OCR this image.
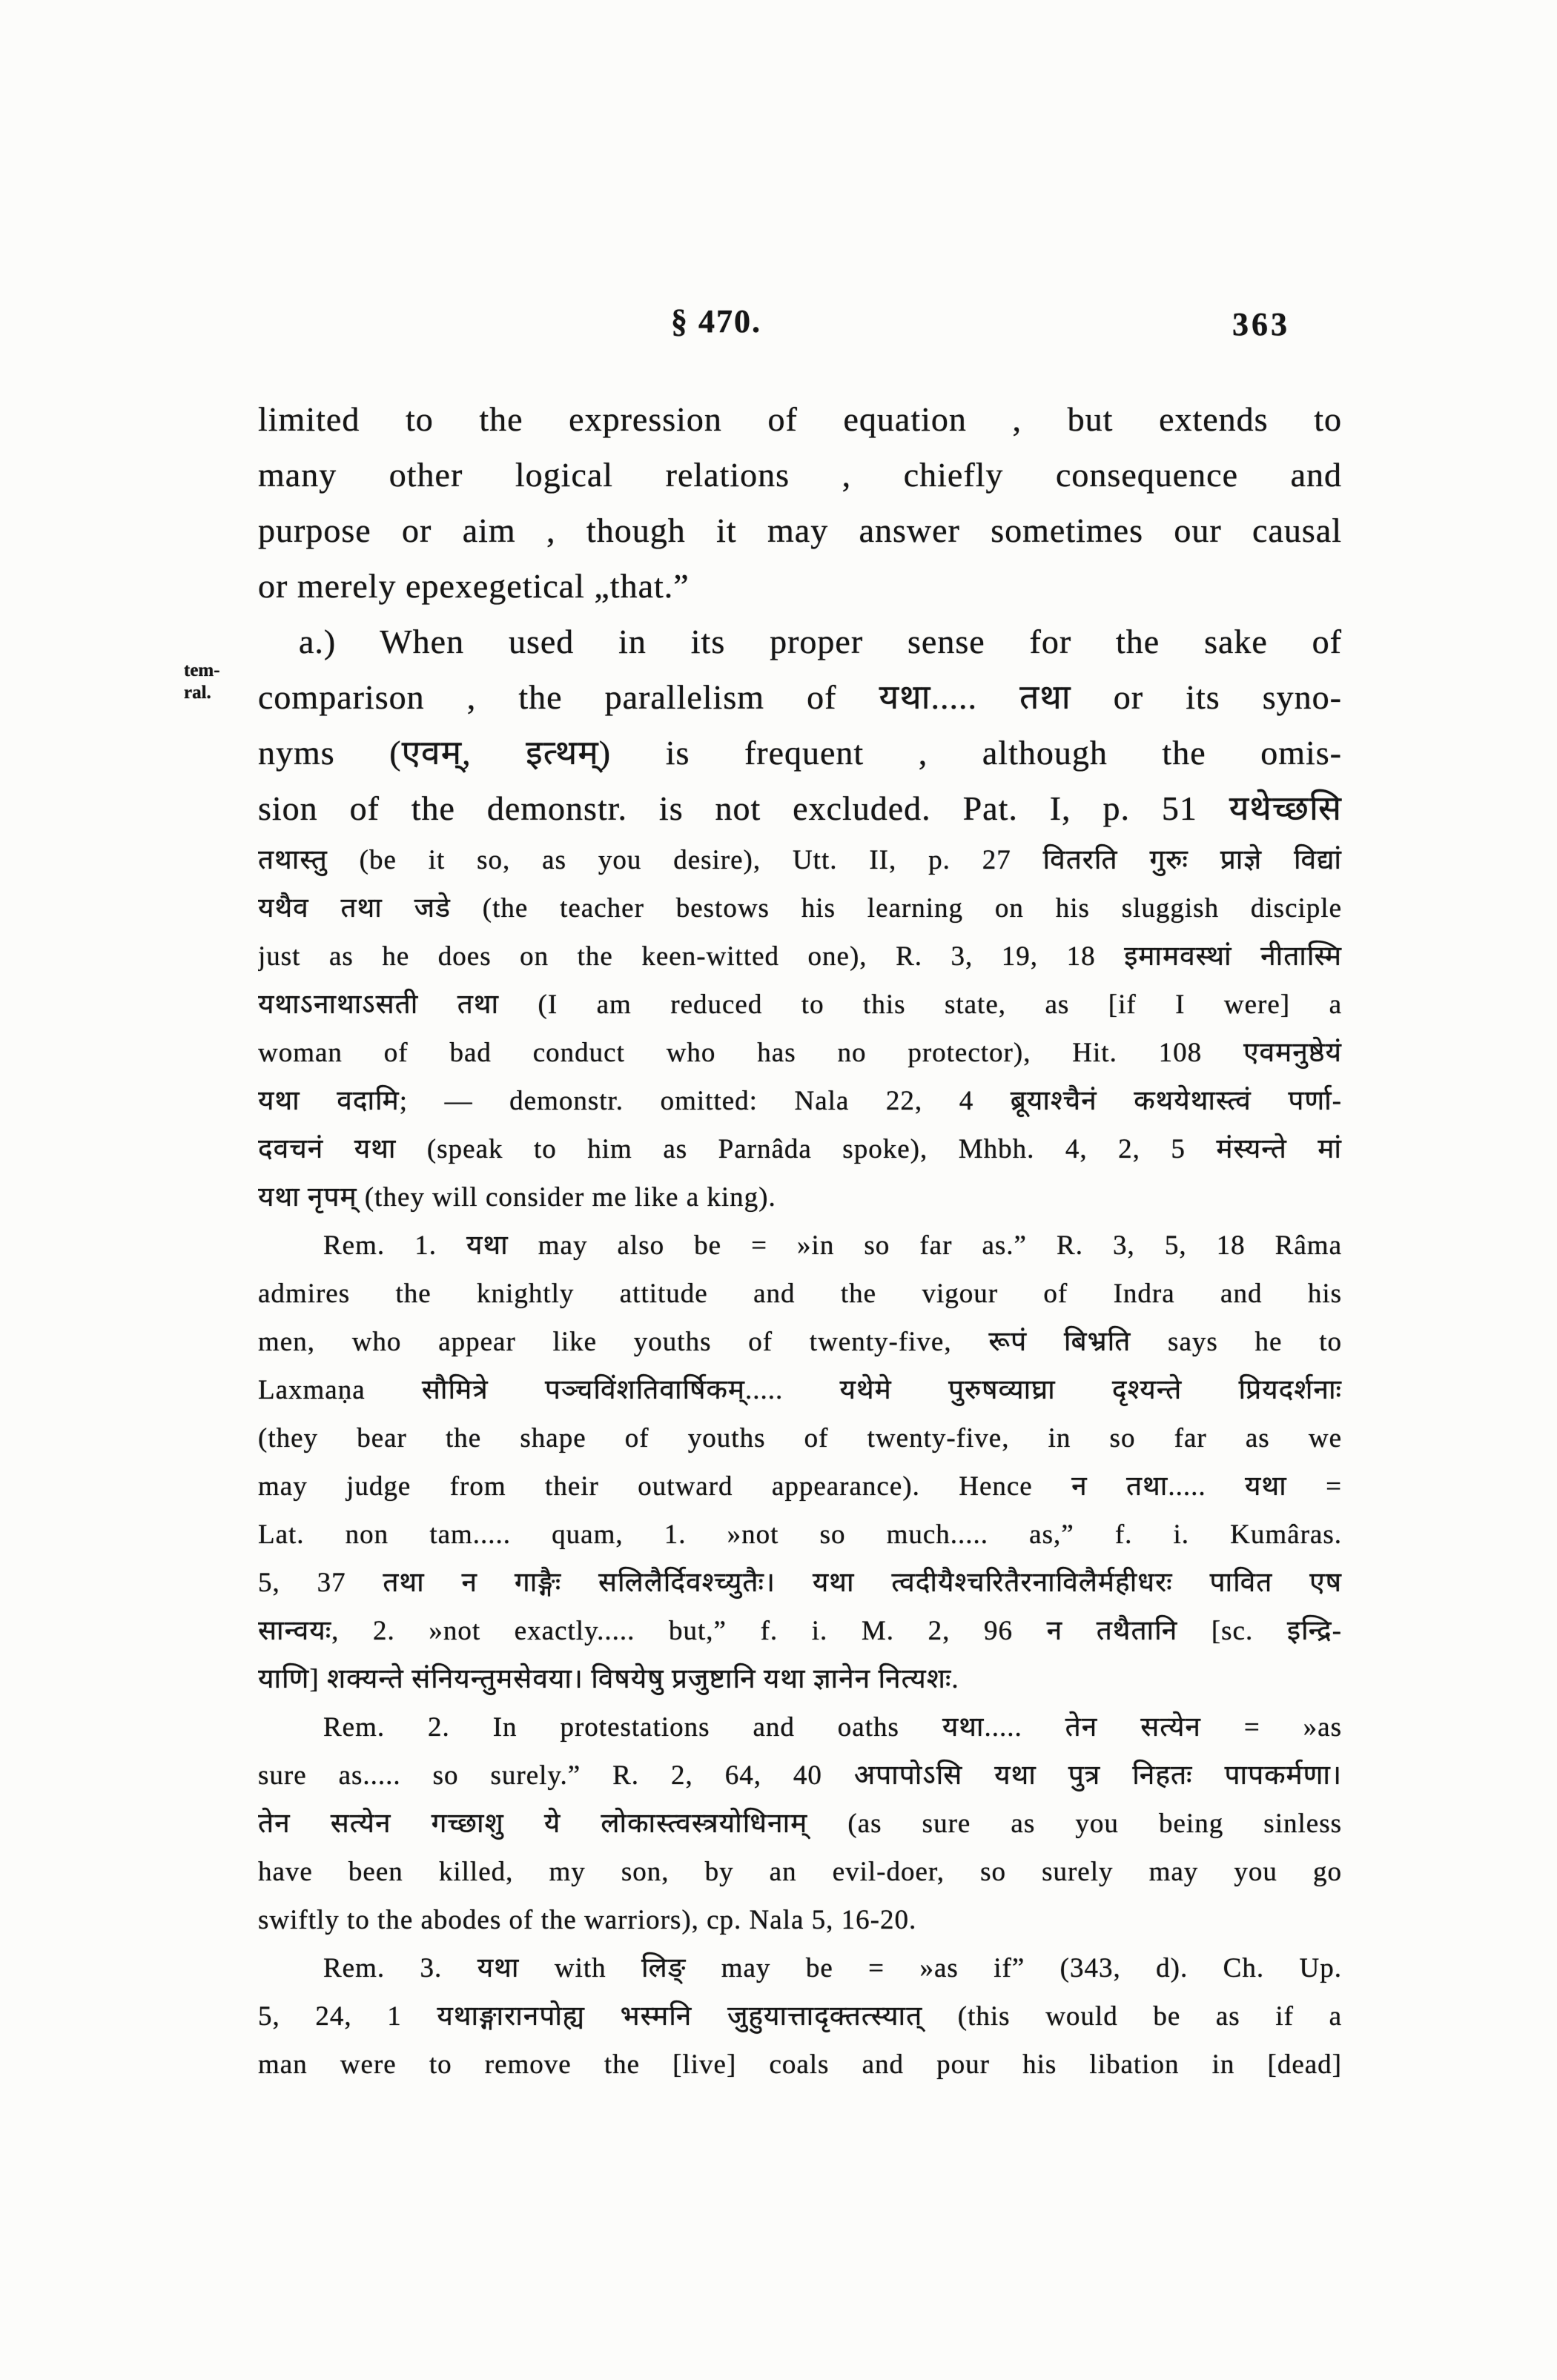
§ 470.	363
tem-
ral.
limited to the expression of equation , but extends to
many other logical relations , chiefly consequence and
purpose or aim , though it may answer sometimes our causal
or merely epexegetical „that.”
a.) When used in its proper sense for the sake of
comparison , the parallelism of यथा..... तथा or its syno-
nyms (एवम्, इत्थम्) is frequent , although the omis-
sion of the demonstr. is not excluded. Pat. I, p. 51 यथेच्छसि
तथास्तु (be it so, as you desire), Utt. II, p. 27 वितरति गुरुः प्राज्ञे विद्यां
यथैव तथा जडे (the teacher bestows his learning on his sluggish disciple
just as he does on the keen-witted one), R. 3, 19, 18 इमामवस्थां नीतास्मि
यथाऽनाथाऽसती तथा (I am reduced to this state, as [if I were] a
woman of bad conduct who has no protector), Hit. 108 एवमनुष्ठेयं
यथा वदामि; — demonstr. omitted: Nala 22, 4 ब्रूयाश्चैनं कथयेथास्त्वं पर्णा-
दवचनं यथा (speak to him as Parnâda spoke), Mhbh. 4, 2, 5 मंस्यन्ते मां
यथा नृपम् (they will consider me like a king).
Rem. 1. यथा may also be = »in so far as.” R. 3, 5, 18 Râma
admires the knightly attitude and the vigour of Indra and his
men, who appear like youths of twenty-five, रूपं बिभ्रति says he to
Laxmaṇa सौमित्रे पञ्चविंशतिवार्षिकम्..... यथेमे पुरुषव्याघ्रा दृश्यन्ते प्रियदर्शनाः
(they bear the shape of youths of twenty-five, in so far as we
may judge from their outward appearance). Hence न तथा..... यथा =
Lat. non tam..... quam, 1. »not so much..... as,” f. i. Kumâras.
5, 37 तथा न गाङ्गैः सलिलैर्दिवश्च्युतैः। यथा त्वदीयैश्चरितैरनाविलैर्महीधरः पावित एष
सान्वयः, 2. »not exactly..... but,” f. i. M. 2, 96 न तथैतानि [sc. इन्द्रि-
याणि] शक्यन्ते संनियन्तुमसेवया। विषयेषु प्रजुष्टानि यथा ज्ञानेन नित्यशः.
Rem. 2. In protestations and oaths यथा..... तेन सत्येन = »as
sure as..... so surely.” R. 2, 64, 40 अपापोऽसि यथा पुत्र निहतः पापकर्मणा।
तेन सत्येन गच्छाशु ये लोकास्त्वस्त्रयोधिनाम् (as sure as you being sinless
have been killed, my son, by an evil-doer, so surely may you go
swiftly to the abodes of the warriors), cp. Nala 5, 16-20.
Rem. 3. यथा with लिङ् may be = »as if” (343, d). Ch. Up.
5, 24, 1 यथाङ्गारानपोह्य भस्मनि जुहुयात्तादृक्तत्स्यात् (this would be as if a
man were to remove the [live] coals and pour his libation in [dead]
